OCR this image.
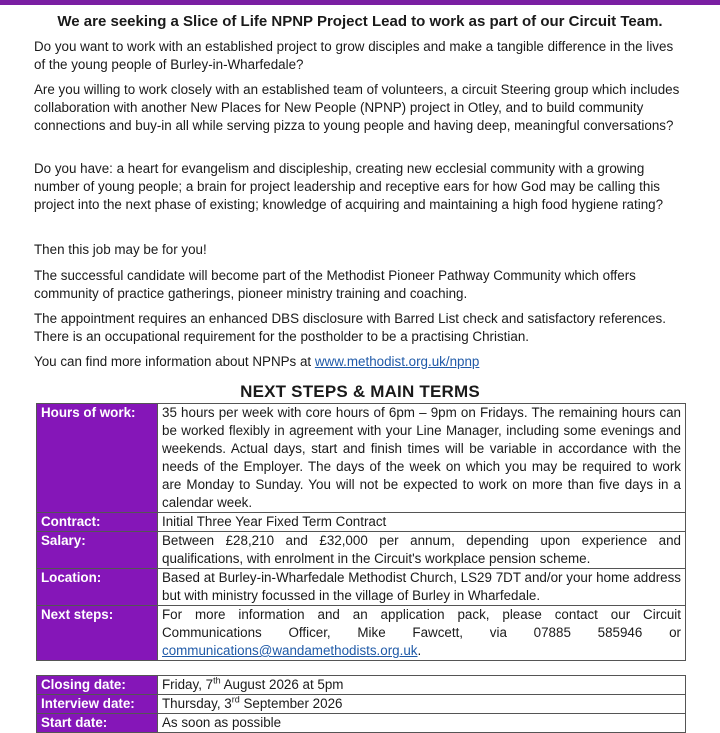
We are seeking a Slice of Life NPNP Project Lead to work as part of our Circuit Team.

Do you want to work with an established project to grow disciples and make a tangible difference in the lives of the young people of Burley-in-Wharfedale?

Are you willing to work closely with an established team of volunteers, a circuit Steering group which includes collaboration with another New Places for New People (NPNP) project in Otley, and to build community connections and buy-in all while serving pizza to young people and having deep, meaningful conversations?

Do you have: a heart for evangelism and discipleship, creating new ecclesial community with a growing number of young people; a brain for project leadership and receptive ears for how God may be calling this project into the next phase of existing; knowledge of acquiring and maintaining a high food hygiene rating?

Then this job may be for you!

The successful candidate will become part of the Methodist Pioneer Pathway Community which offers community of practice gatherings, pioneer ministry training and coaching.

The appointment requires an enhanced DBS disclosure with Barred List check and satisfactory references. There is an occupational requirement for the postholder to be a practising Christian.

You can find more information about NPNPs at www.methodist.org.uk/npnp

NEXT STEPS & MAIN TERMS
Hours of work:	35 hours per week with core hours of 6pm – 9pm on Fridays. The remaining hours can be worked flexibly in agreement with your Line Manager, including some evenings and weekends. Actual days, start and finish times will be variable in accordance with the needs of the Employer. The days of the week on which you may be required to work are Monday to Sunday. You will not be expected to work on more than five days in a calendar week.
Contract:	Initial Three Year Fixed Term Contract
Salary:	Between £28,210 and £32,000 per annum, depending upon experience and qualifications, with enrolment in the Circuit's workplace pension scheme.
Location:	Based at Burley-in-Wharfedale Methodist Church, LS29 7DT and/or your home address but with ministry focussed in the village of Burley in Wharfedale.
Next steps:	For more information and an application pack, please contact our Circuit Communications Officer, Mike Fawcett, via 07885 585946 or communications@wandamethodists.org.uk.
Closing date:	Friday, 7th August 2026 at 5pm
Interview date:	Thursday, 3rd September 2026
Start date:	As soon as possible
